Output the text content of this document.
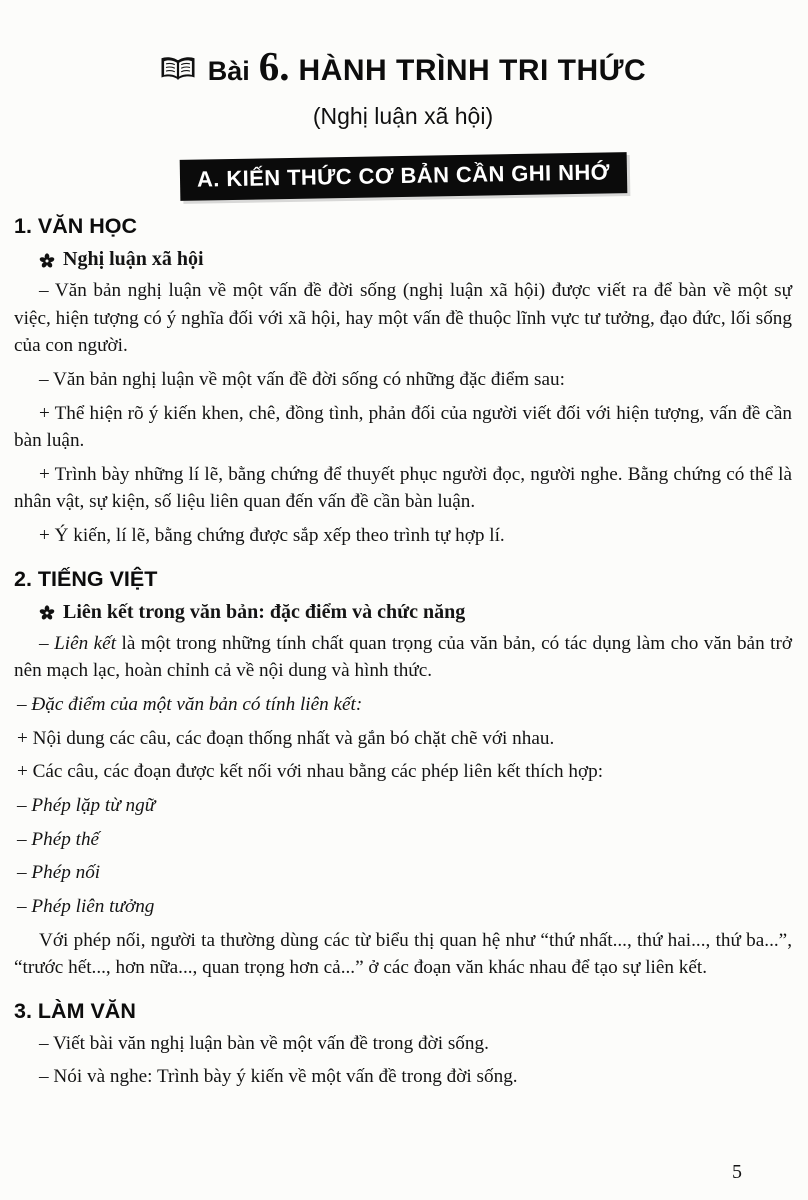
Bài 6. HÀNH TRÌNH TRI THỨC
(Nghị luận xã hội)
A. KIẾN THỨC CƠ BẢN CẦN GHI NHỚ
1. VĂN HỌC
Nghị luận xã hội

– Văn bản nghị luận về một vấn đề đời sống (nghị luận xã hội) được viết ra để bàn về một sự việc, hiện tượng có ý nghĩa đối với xã hội, hay một vấn đề thuộc lĩnh vực tư tưởng, đạo đức, lối sống của con người.

– Văn bản nghị luận về một vấn đề đời sống có những đặc điểm sau:

+ Thể hiện rõ ý kiến khen, chê, đồng tình, phản đối của người viết đối với hiện tượng, vấn đề cần bàn luận.

+ Trình bày những lí lẽ, bằng chứng để thuyết phục người đọc, người nghe. Bằng chứng có thể là nhân vật, sự kiện, số liệu liên quan đến vấn đề cần bàn luận.

+ Ý kiến, lí lẽ, bằng chứng được sắp xếp theo trình tự hợp lí.

2. TIẾNG VIỆT
Liên kết trong văn bản: đặc điểm và chức năng

– Liên kết là một trong những tính chất quan trọng của văn bản, có tác dụng làm cho văn bản trở nên mạch lạc, hoàn chỉnh cả về nội dung và hình thức.

– Đặc điểm của một văn bản có tính liên kết:

+ Nội dung các câu, các đoạn thống nhất và gắn bó chặt chẽ với nhau.

+ Các câu, các đoạn được kết nối với nhau bằng các phép liên kết thích hợp:

– Phép lặp từ ngữ

– Phép thế

– Phép nối

– Phép liên tưởng

Với phép nối, người ta thường dùng các từ biểu thị quan hệ như “thứ nhất..., thứ hai..., thứ ba...”, “trước hết..., hơn nữa..., quan trọng hơn cả...” ở các đoạn văn khác nhau để tạo sự liên kết.

3. LÀM VĂN

– Viết bài văn nghị luận bàn về một vấn đề trong đời sống.

– Nói và nghe: Trình bày ý kiến về một vấn đề trong đời sống.

5
